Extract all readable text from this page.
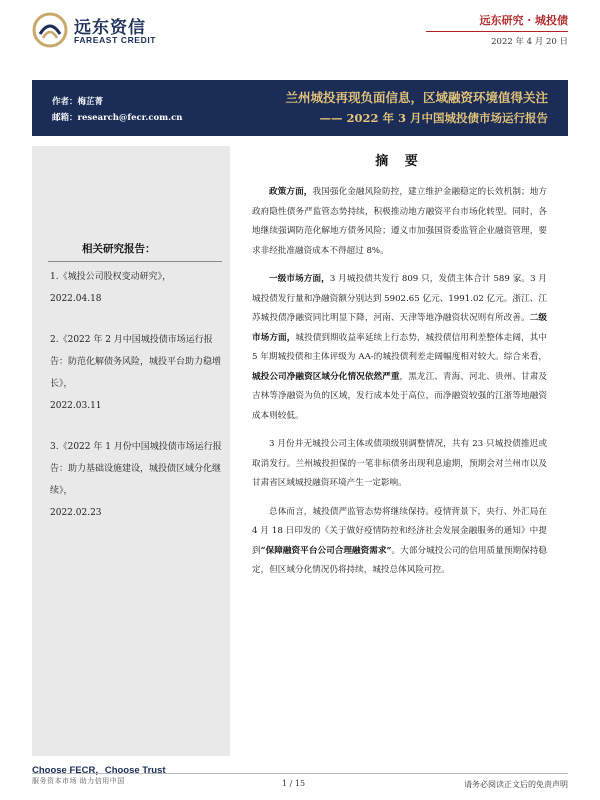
远东资信
FAREAST CREDIT
远东研究 · 城投债
2022 年 4 月 20 日
作者：梅芷菁
邮箱：research@fecr.com.cn
兰州城投再现负面信息，区域融资环境值得关注
—— 2022 年 3 月中国城投债市场运行报告
相关研究报告：
1.《城投公司股权变动研究》，
2022.04.18
2.《2022 年 2 月中国城投债市场运行报告：防范化解债务风险，城投平台助力稳增长》，
2022.03.11
3.《2022 年 1 月份中国城投债市场运行报告：助力基础设施建设，城投债区域分化继续》，
2022.02.23
摘 要

政策方面，我国强化金融风险防控，建立维护金融稳定的长效机制；地方政府隐性债务严监管态势持续，积极推动地方融资平台市场化转型。同时，各地继续强调防范化解地方债务风险；遵义市加强国资委监管企业融资管理，要求非经批准融资成本不得超过 8%。

一级市场方面，3 月城投债共发行 809 只，发债主体合计 589 家。3 月城投债发行量和净融资额分别达到 5902.65 亿元、1991.02 亿元。浙江、江苏城投债净融资同比明显下降，河南、天津等地净融资状况则有所改善。二级市场方面，城投债到期收益率延续上行态势，城投债信用利差整体走阔，其中 5 年期城投债和主体评级为 AA-的城投债利差走阔幅度相对较大。综合来看，城投公司净融资区域分化情况依然严重，黑龙江、青海、河北、贵州、甘肃及吉林等净融资为负的区域，发行成本处于高位，而净融资较强的江浙等地融资成本则较低。

3 月份并无城投公司主体或债项级别调整情况，共有 23 只城投债推迟或取消发行。兰州城投担保的一笔非标债务出现利息逾期，预期会对兰州市以及甘肃省区域城投融资环境产生一定影响。

总体而言，城投债严监管态势将继续保持。疫情背景下，央行、外汇局在 4 月 18 日印发的《关于做好疫情防控和经济社会发展金融服务的通知》中提到“保障融资平台公司合理融资需求”。大部分城投公司的信用质量预期保持稳定，但区域分化情况仍将持续，城投总体风险可控。

Choose FECR，Choose Trust
服务资本市场 助力信用中国	1 / 15	请务必阅读正文后的免责声明
